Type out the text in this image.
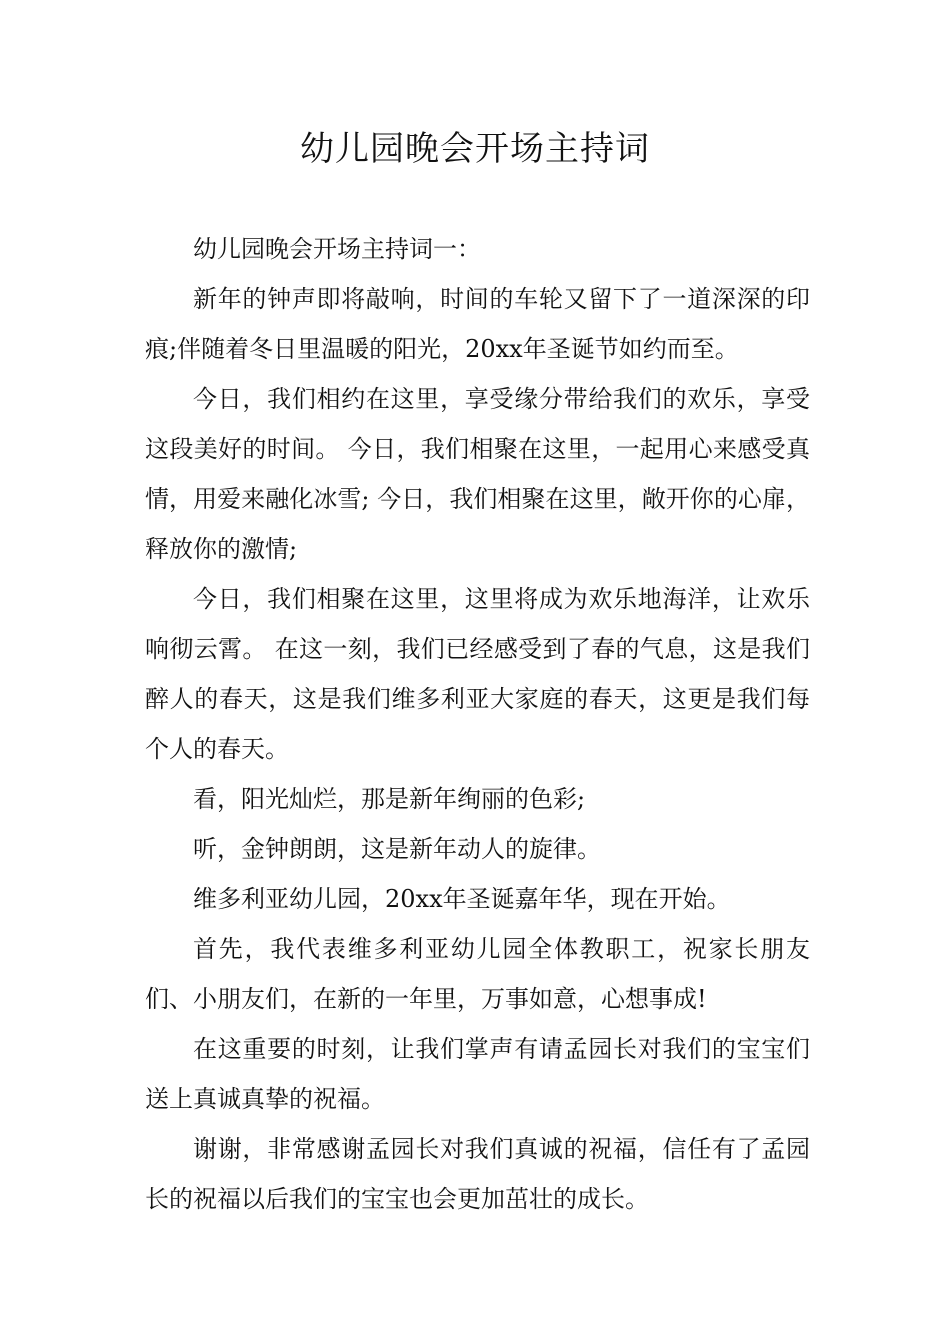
幼儿园晚会开场主持词

幼儿园晚会开场主持词一：

新年的钟声即将敲响，时间的车轮又留下了一道深深的印痕;伴随着冬日里温暖的阳光，20xx年圣诞节如约而至。

今日，我们相约在这里，享受缘分带给我们的欢乐，享受这段美好的时间。 今日，我们相聚在这里，一起用心来感受真情，用爱来融化冰雪; 今日，我们相聚在这里，敞开你的心扉，释放你的激情;

今日，我们相聚在这里，这里将成为欢乐地海洋，让欢乐响彻云霄。 在这一刻，我们已经感受到了春的气息，这是我们醉人的春天，这是我们维多利亚大家庭的春天，这更是我们每个人的春天。

看，阳光灿烂，那是新年绚丽的色彩;

听，金钟朗朗，这是新年动人的旋律。

维多利亚幼儿园，20xx年圣诞嘉年华，现在开始。

首先，我代表维多利亚幼儿园全体教职工，祝家长朋友们、小朋友们，在新的一年里，万事如意，心想事成!

在这重要的时刻，让我们掌声有请孟园长对我们的宝宝们送上真诚真挚的祝福。

谢谢，非常感谢孟园长对我们真诚的祝福，信任有了孟园长的祝福以后我们的宝宝也会更加茁壮的成长。
